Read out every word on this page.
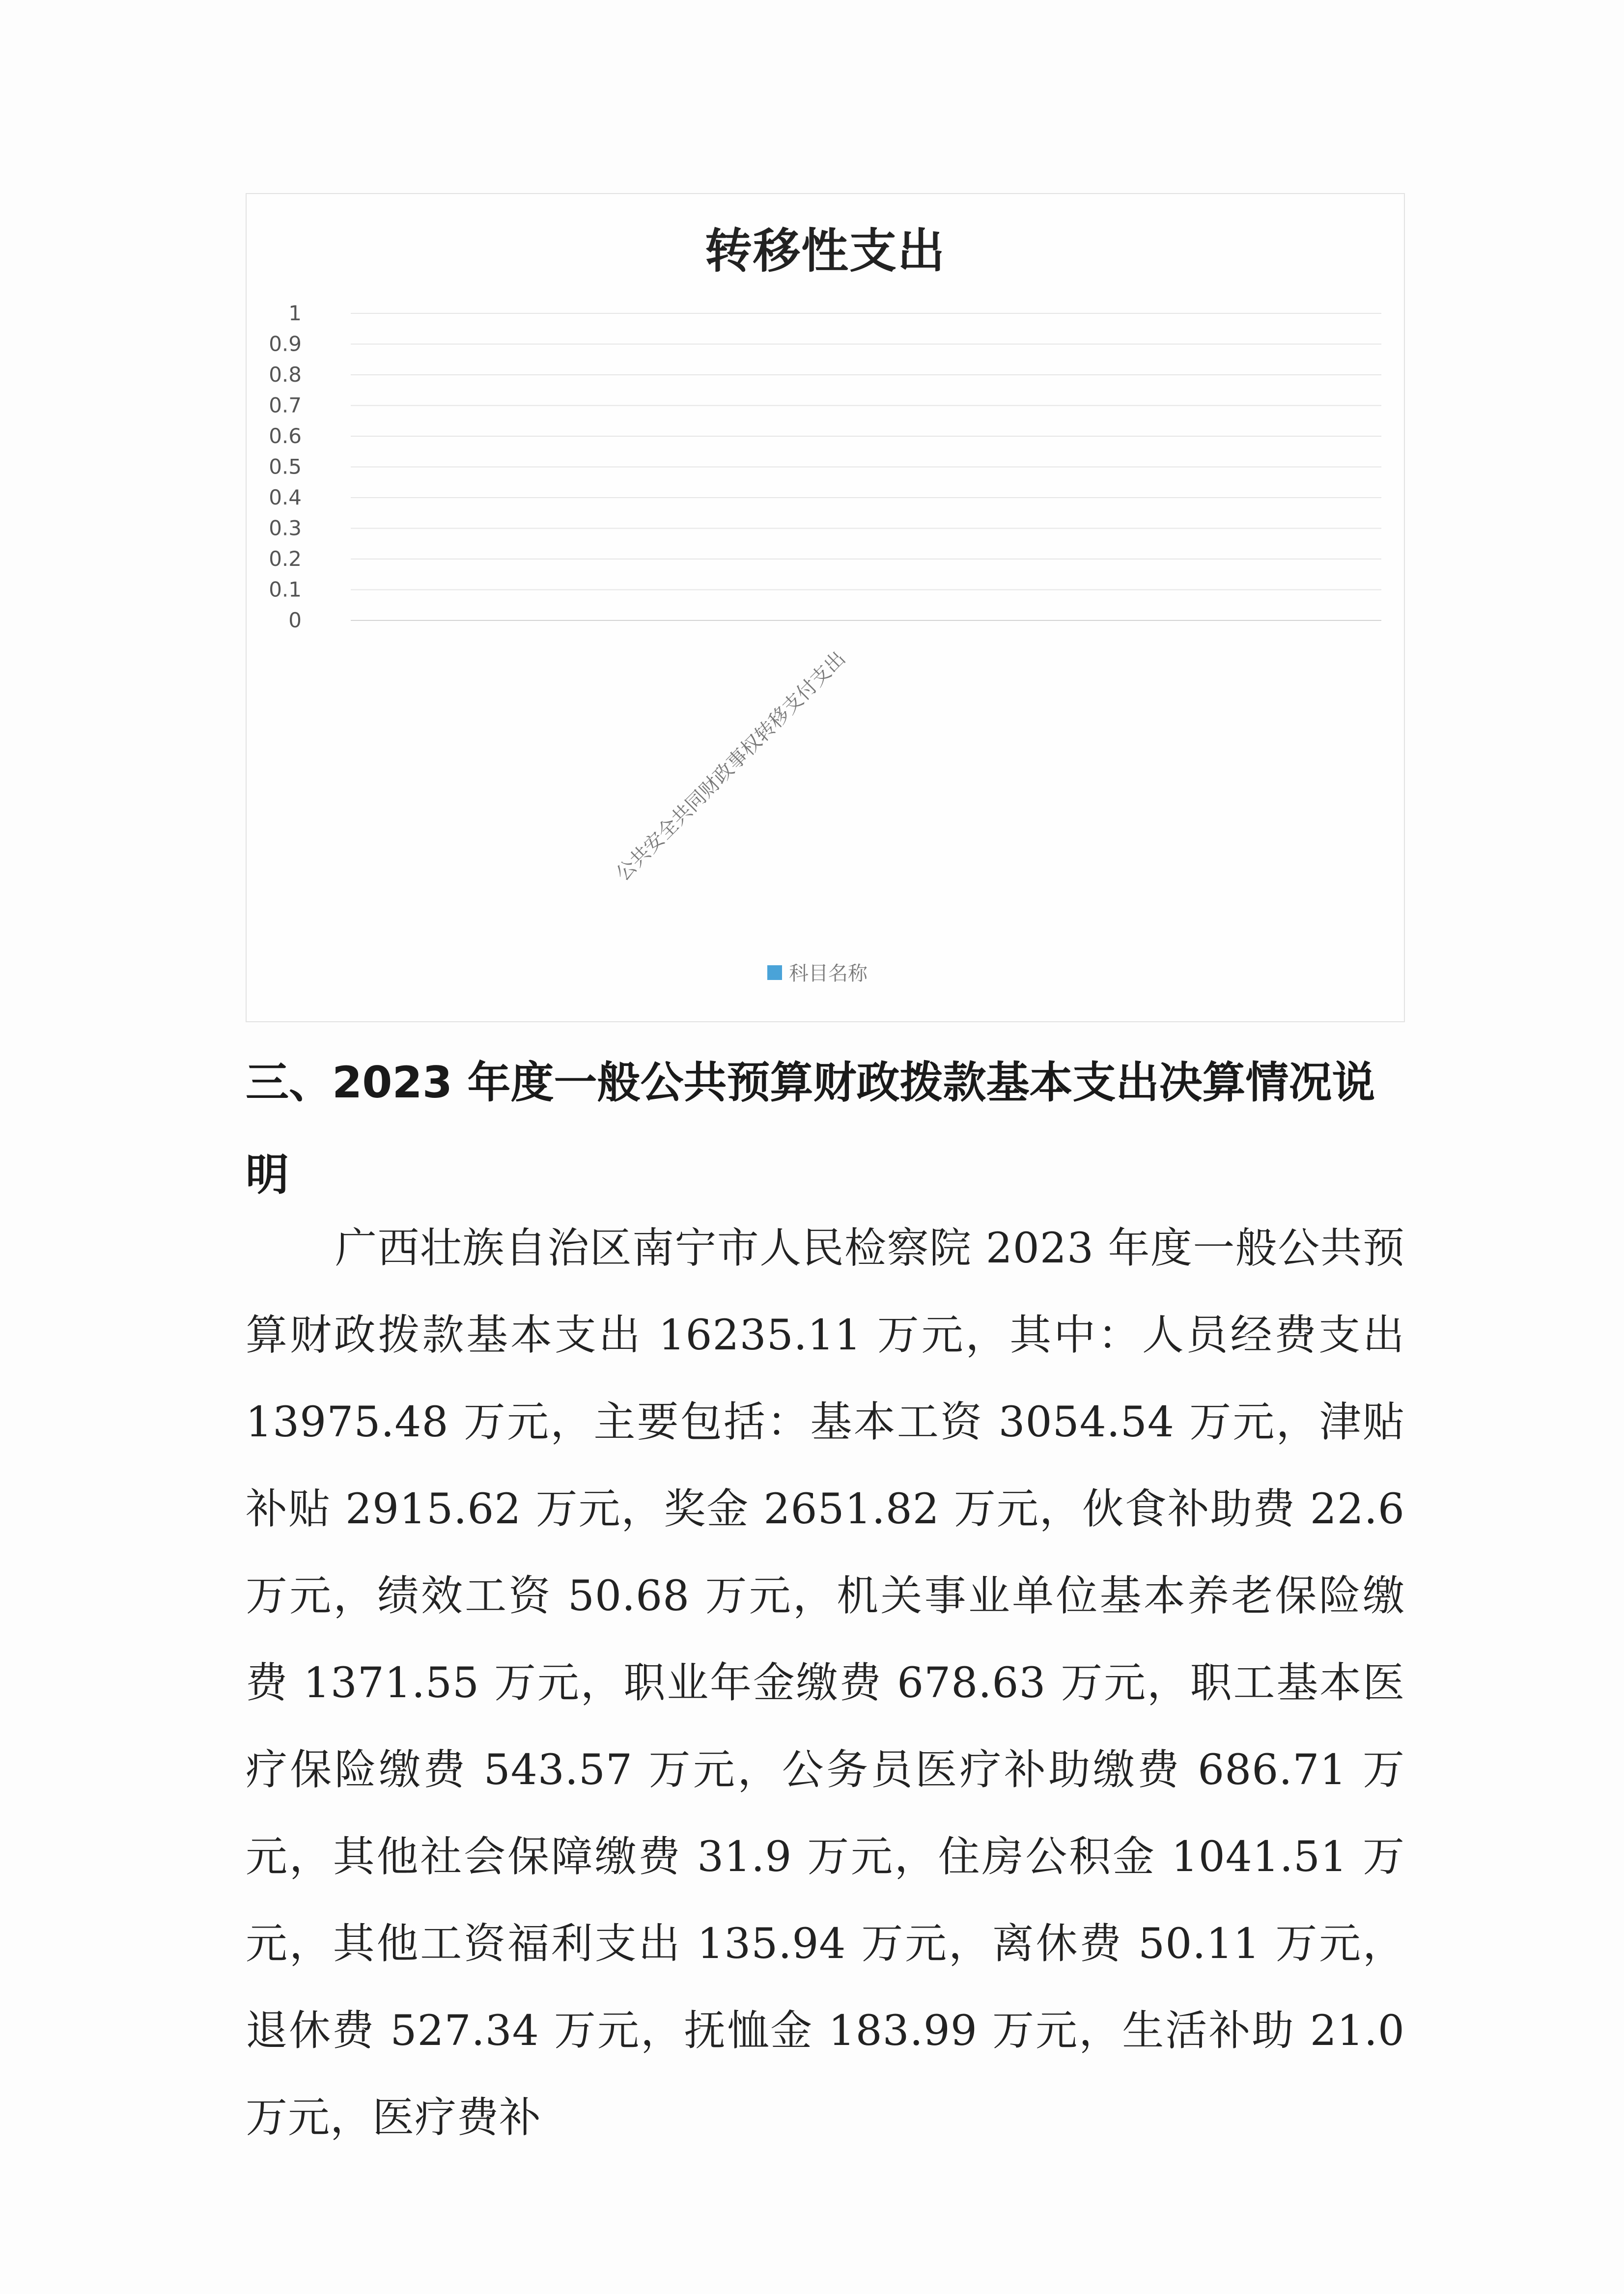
转移性支出
1
0.9
0.8
0.7
0.6
0.5
0.4
0.3
0.2
0.1
0
公共安全共同财政事权转移支付支出
科目名称
三、2023 年度一般公共预算财政拨款基本支出决算情况说明

广西壮族自治区南宁市人民检察院 2023 年度一般公共预算财政拨款基本支出 16235.11 万元，其中：人员经费支出 13975.48 万元，主要包括：基本工资 3054.54 万元，津贴补贴 2915.62 万元，奖金 2651.82 万元，伙食补助费 22.6 万元，绩效工资 50.68 万元，机关事业单位基本养老保险缴费 1371.55 万元，职业年金缴费 678.63 万元，职工基本医疗保险缴费 543.57 万元，公务员医疗补助缴费 686.71 万元，其他社会保障缴费 31.9 万元，住房公积金 1041.51 万元，其他工资福利支出 135.94 万元，离休费 50.11 万元，退休费 527.34 万元，抚恤金 183.99 万元，生活补助 21.0 万元，医疗费补
